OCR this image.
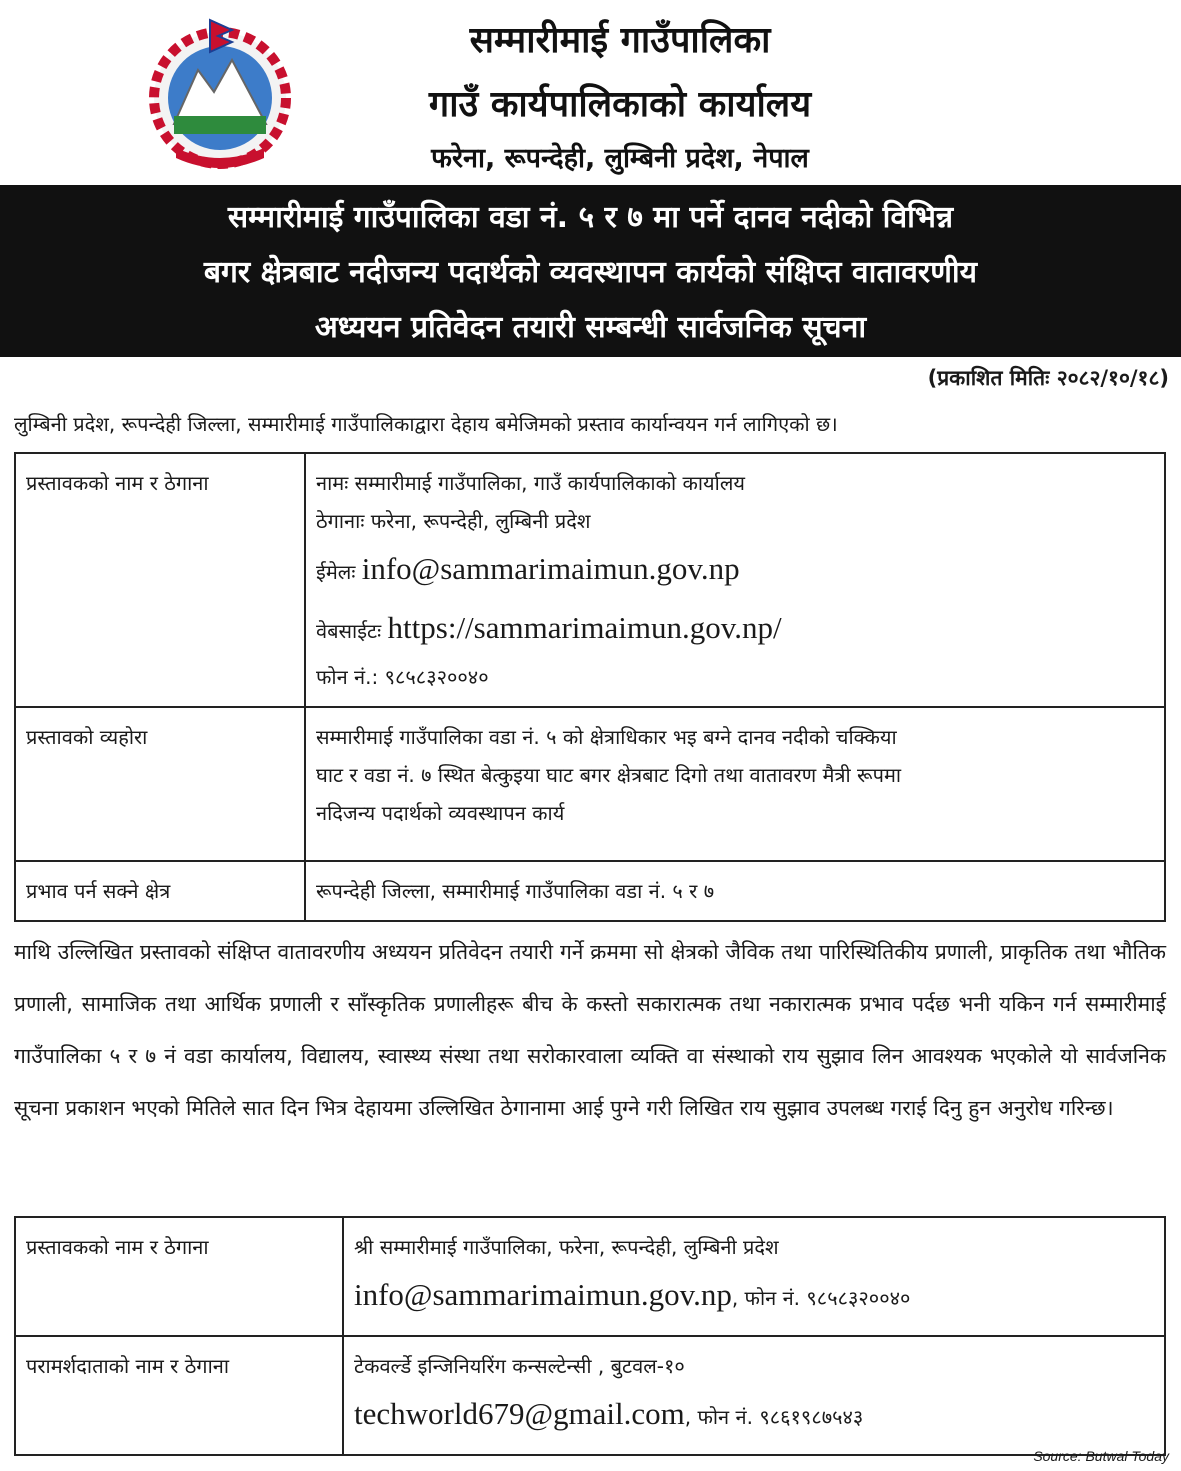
सम्मारीमाई गाउँपालिका
गाउँ कार्यपालिकाको कार्यालय
फरेना, रूपन्देही, लुम्बिनी प्रदेश, नेपाल
सम्मारीमाई गाउँपालिका वडा नं. ५ र ७ मा पर्ने दानव नदीको विभिन्न
बगर क्षेत्रबाट नदीजन्य पदार्थको व्यवस्थापन कार्यको संक्षिप्त वातावरणीय
अध्ययन प्रतिवेदन तयारी सम्बन्धी सार्वजनिक सूचना
(प्रकाशित मितिः २०८२/१०/१८)
लुम्बिनी प्रदेश, रूपन्देही जिल्ला, सम्मारीमाई गाउँपालिकाद्वारा देहाय बमेजिमको प्रस्ताव कार्यान्वयन गर्न लागिएको छ।
प्रस्तावकको नाम र ठेगाना	नामः सम्मारीमाई गाउँपालिका, गाउँ कार्यपालिकाको कार्यालय
ठेगानाः फरेना, रूपन्देही, लुम्बिनी प्रदेश
ईमेलः info@sammarimaimun.gov.np
वेबसाईटः https://sammarimaimun.gov.np/
फोन नं.: ९८५८३२००४०

प्रस्तावको व्यहोरा	सम्मारीमाई गाउँपालिका वडा नं. ५ को क्षेत्राधिकार भइ बग्ने दानव नदीको चक्किया
घाट र वडा नं. ७ स्थित बेत्कुइया घाट बगर क्षेत्रबाट दिगो तथा वातावरण मैत्री रूपमा
नदिजन्य पदार्थको व्यवस्थापन कार्य

प्रभाव पर्न सक्ने क्षेत्र	रूपन्देही जिल्ला, सम्मारीमाई गाउँपालिका वडा नं. ५ र ७
माथि उल्लिखित प्रस्तावको संक्षिप्त वातावरणीय अध्ययन प्रतिवेदन तयारी गर्ने क्रममा सो क्षेत्रको जैविक तथा पारिस्थितिकीय प्रणाली, प्राकृतिक तथा भौतिक प्रणाली, सामाजिक तथा आर्थिक प्रणाली र साँस्कृतिक प्रणालीहरू बीच के कस्तो सकारात्मक तथा नकारात्मक प्रभाव पर्दछ भनी यकिन गर्न सम्मारीमाई गाउँपालिका ५ र ७ नं वडा कार्यालय, विद्यालय, स्वास्थ्य संस्था तथा सरोकारवाला व्यक्ति वा संस्थाको राय सुझाव लिन आवश्यक भएकोले यो सार्वजनिक सूचना प्रकाशन भएको मितिले सात दिन भित्र देहायमा उल्लिखित ठेगानामा आई पुग्ने गरी लिखित राय सुझाव उपलब्ध गराई दिनु हुन अनुरोध गरिन्छ।
प्रस्तावकको नाम र ठेगाना	श्री सम्मारीमाई गाउँपालिका, फरेना, रूपन्देही, लुम्बिनी प्रदेश
info@sammarimaimun.gov.np, फोन नं. ९८५८३२००४०

परामर्शदाताको नाम र ठेगाना	टेकवर्ल्डे इन्जिनियरिंग कन्सल्टेन्सी , बुटवल-१०
techworld679@gmail.com, फोन नं. ९८६१९८७५४३
Source: Butwal Today
